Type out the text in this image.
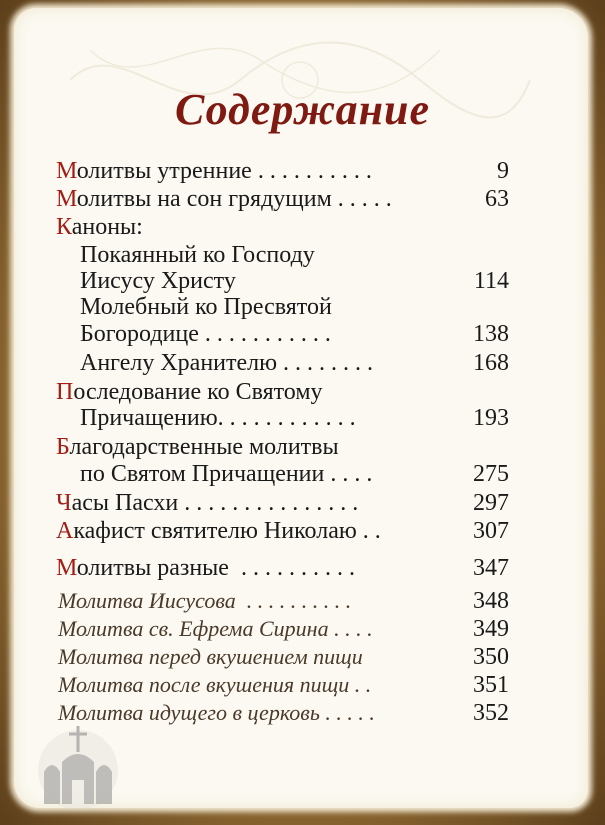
Содержание
Молитвы утренние . . . . . . . . . .	9
Молитвы на сон грядущим . . . . .	63
Каноны:
Покаянный ко Господу
Иисусу Христу	114
Молебный ко Пресвятой
Богородице . . . . . . . . . . .	138
Ангелу Хранителю . . . . . . . .	168
Последование ко Святому
Причащению. . . . . . . . . . . .	193
Благодарственные молитвы
по Святом Причащении . . . .	275
Часы Пасхи . . . . . . . . . . . . . . .	297
Акафист святителю Николаю . .	307
Молитвы разные  . . . . . . . . . .	347
Молитва Иисусова  . . . . . . . . . .	348
Молитва св. Ефрема Сирина . . . .	349
Молитва перед вкушением пищи	350
Молитва после вкушения пищи . .	351
Молитва идущего в церковь . . . . .	352
